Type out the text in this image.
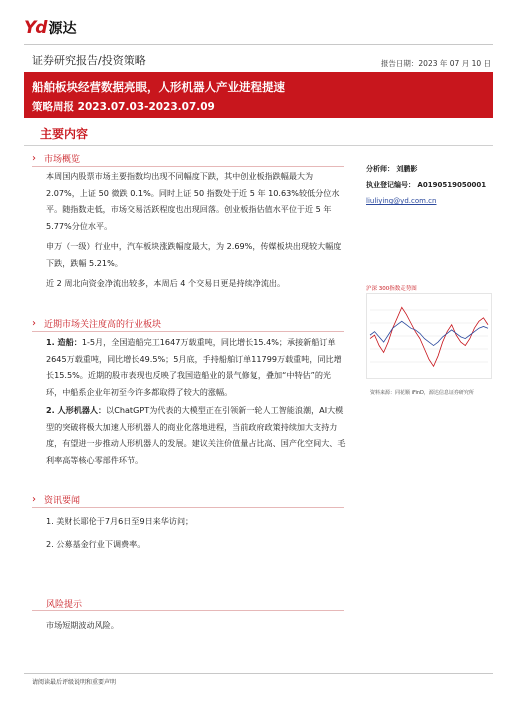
Yd 源达
证券研究报告/投资策略	报告日期：2023 年 07 月 10 日
船舶板块经营数据亮眼，人形机器人产业进程提速
策略周报 2023.07.03-2023.07.09
主要内容
› 市场概览
本周国内股票市场主要指数均出现不同幅度下跌，其中创业板指跌幅最大为 2.07%，上证 50 微跌 0.1%。同时上证 50 指数处于近 5 年 10.63%较低分位水平。随指数走低，市场交易活跃程度也出现回落。创业板指估值水平位于近 5 年 5.77%分位水平。
申万（一级）行业中，汽车板块涨跌幅度最大，为 2.69%，传媒板块出现较大幅度下跌，跌幅 5.21%。
近 2 周北向资金净流出较多，本周后 4 个交易日更是持续净流出。
› 近期市场关注度高的行业板块
1. 造船：1-5月，全国造船完工1647万载重吨，同比增长15.4%；承接新船订单2645万载重吨，同比增长49.5%；5月底，手持船舶订单11799万载重吨，同比增长15.5%。近期的股市表现也反映了我国造船业的景气修复，叠加“中特估”的光环，中船系企业年初至今许多都取得了较大的涨幅。
2. 人形机器人：以ChatGPT为代表的大模型正在引领新一轮人工智能浪潮，AI大模型的突破将极大加速人形机器人的商业化落地进程，当前政府政策持续加大支持力度，有望进一步推动人形机器人的发展。建议关注价值量占比高、国产化空间大、毛利率高等核心零部件环节。
› 资讯要闻
1. 美财长耶伦于7月6日至9日来华访问；
2. 公募基金行业下调费率。
风险提示
市场短期波动风险。
分析师： 刘鹏影
执业登记编号： A0190519050001
liuliying@yd.com.cn
沪深 300指数走势图
资料来源：同花顺 iFinD，源达信息证券研究所
请阅读最后评级说明和重要声明
